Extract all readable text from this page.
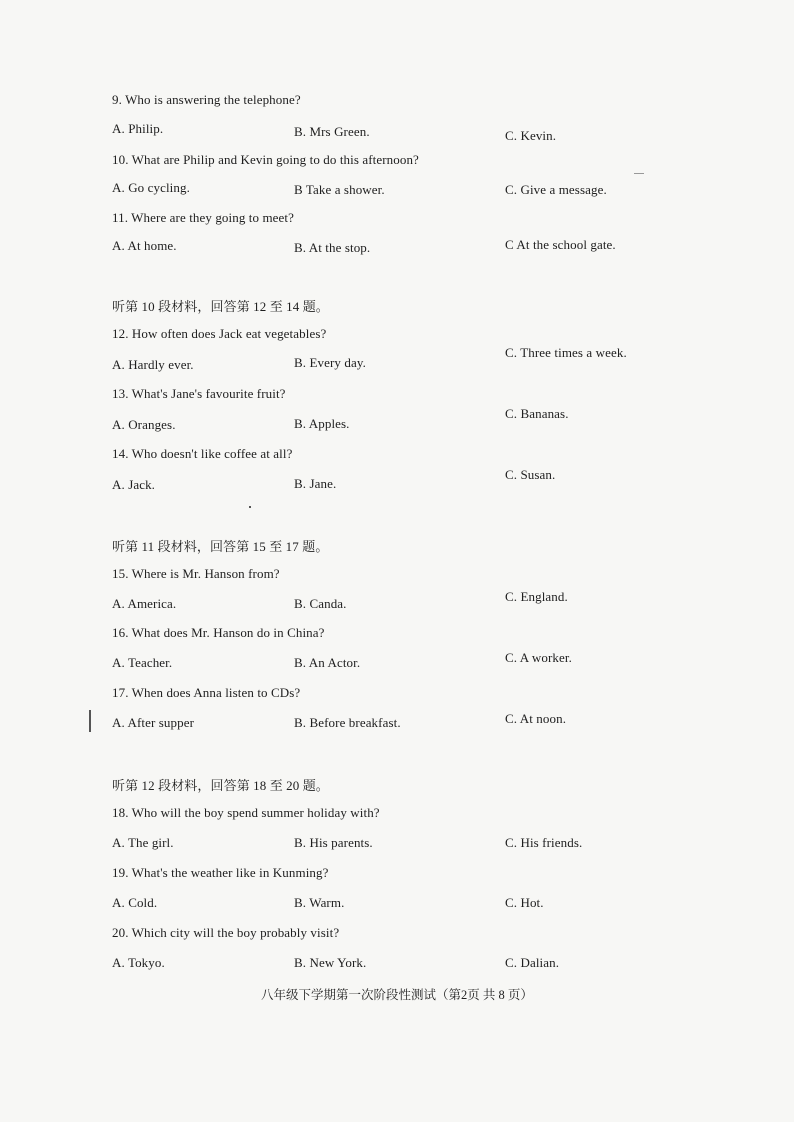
9. Who is answering the telephone?
A. Philip.	B. Mrs Green.	C. Kevin.
10. What are Philip and Kevin going to do this afternoon?
A. Go cycling.	B Take a shower.	C. Give a message.
11. Where are they going to meet?
A. At home.	B. At the stop.	C At the school gate.
听第 10 段材料，回答第 12 至 14 题。
12. How often does Jack eat vegetables?
A. Hardly ever.	B. Every day.
C. Three times a week.
13. What's Jane's favourite fruit?
A. Oranges.	B. Apples.
C. Bananas.
14. Who doesn't like coffee at all?
A. Jack.	B. Jane.
C. Susan.
听第 11 段材料，回答第 15 至 17 题。
15. Where is Mr. Hanson from?
A. America.	B. Canda.	C. England.
16. What does Mr. Hanson do in China?
A. Teacher.	B. An Actor.	C. A worker.
17. When does Anna listen to CDs?
A. After supper	B. Before breakfast.	C. At noon.
听第 12 段材料，回答第 18 至 20 题。
18. Who will the boy spend summer holiday with?
A. The girl.	B. His parents.	C. His friends.
19. What's the weather like in Kunming?
A. Cold.	B. Warm.	C. Hot.
20. Which city will the boy probably visit?
A. Tokyo.	B. New York.	C. Dalian.
八年级下学期第一次阶段性测试（第2页 共 8 页）
